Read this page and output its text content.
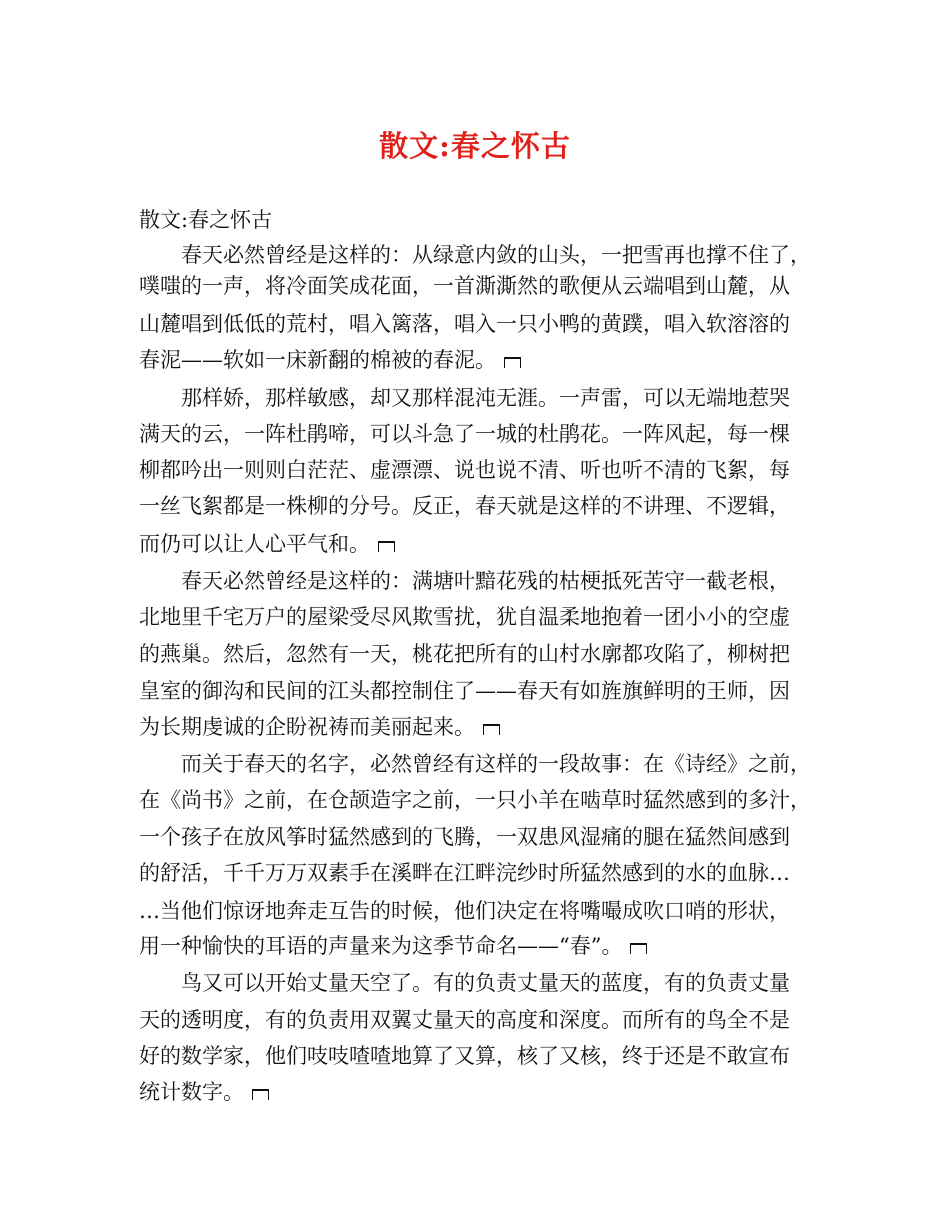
散文:春之怀古
散文:春之怀古
　　春天必然曾经是这样的：从绿意内敛的山头，一把雪再也撑不住了，
噗嗤的一声，将冷面笑成花面，一首澌澌然的歌便从云端唱到山麓，从
山麓唱到低低的荒村，唱入篱落，唱入一只小鸭的黄蹼，唱入软溶溶的
春泥——软如一床新翻的棉被的春泥。
　　那样娇，那样敏感，却又那样混沌无涯。一声雷，可以无端地惹哭
满天的云，一阵杜鹃啼，可以斗急了一城的杜鹃花。一阵风起，每一棵
柳都吟出一则则白茫茫、虚漂漂、说也说不清、听也听不清的飞絮，每
一丝飞絮都是一株柳的分号。反正，春天就是这样的不讲理、不逻辑，
而仍可以让人心平气和。
　　春天必然曾经是这样的：满塘叶黯花残的枯梗抵死苦守一截老根，
北地里千宅万户的屋梁受尽风欺雪扰，犹自温柔地抱着一团小小的空虚
的燕巢。然后，忽然有一天，桃花把所有的山村水廓都攻陷了，柳树把
皇室的御沟和民间的江头都控制住了——春天有如旌旗鲜明的王师，因
为长期虔诚的企盼祝祷而美丽起来。
　　而关于春天的名字，必然曾经有这样的一段故事：在《诗经》之前，
在《尚书》之前，在仓颉造字之前，一只小羊在啮草时猛然感到的多汁，
一个孩子在放风筝时猛然感到的飞腾，一双患风湿痛的腿在猛然间感到
的舒活，千千万万双素手在溪畔在江畔浣纱时所猛然感到的水的血脉…
…当他们惊讶地奔走互告的时候，他们决定在将嘴嘬成吹口哨的形状，
用一种愉快的耳语的声量来为这季节命名——“春”。
　　鸟又可以开始丈量天空了。有的负责丈量天的蓝度，有的负责丈量
天的透明度，有的负责用双翼丈量天的高度和深度。而所有的鸟全不是
好的数学家，他们吱吱喳喳地算了又算，核了又核，终于还是不敢宣布
统计数字。
